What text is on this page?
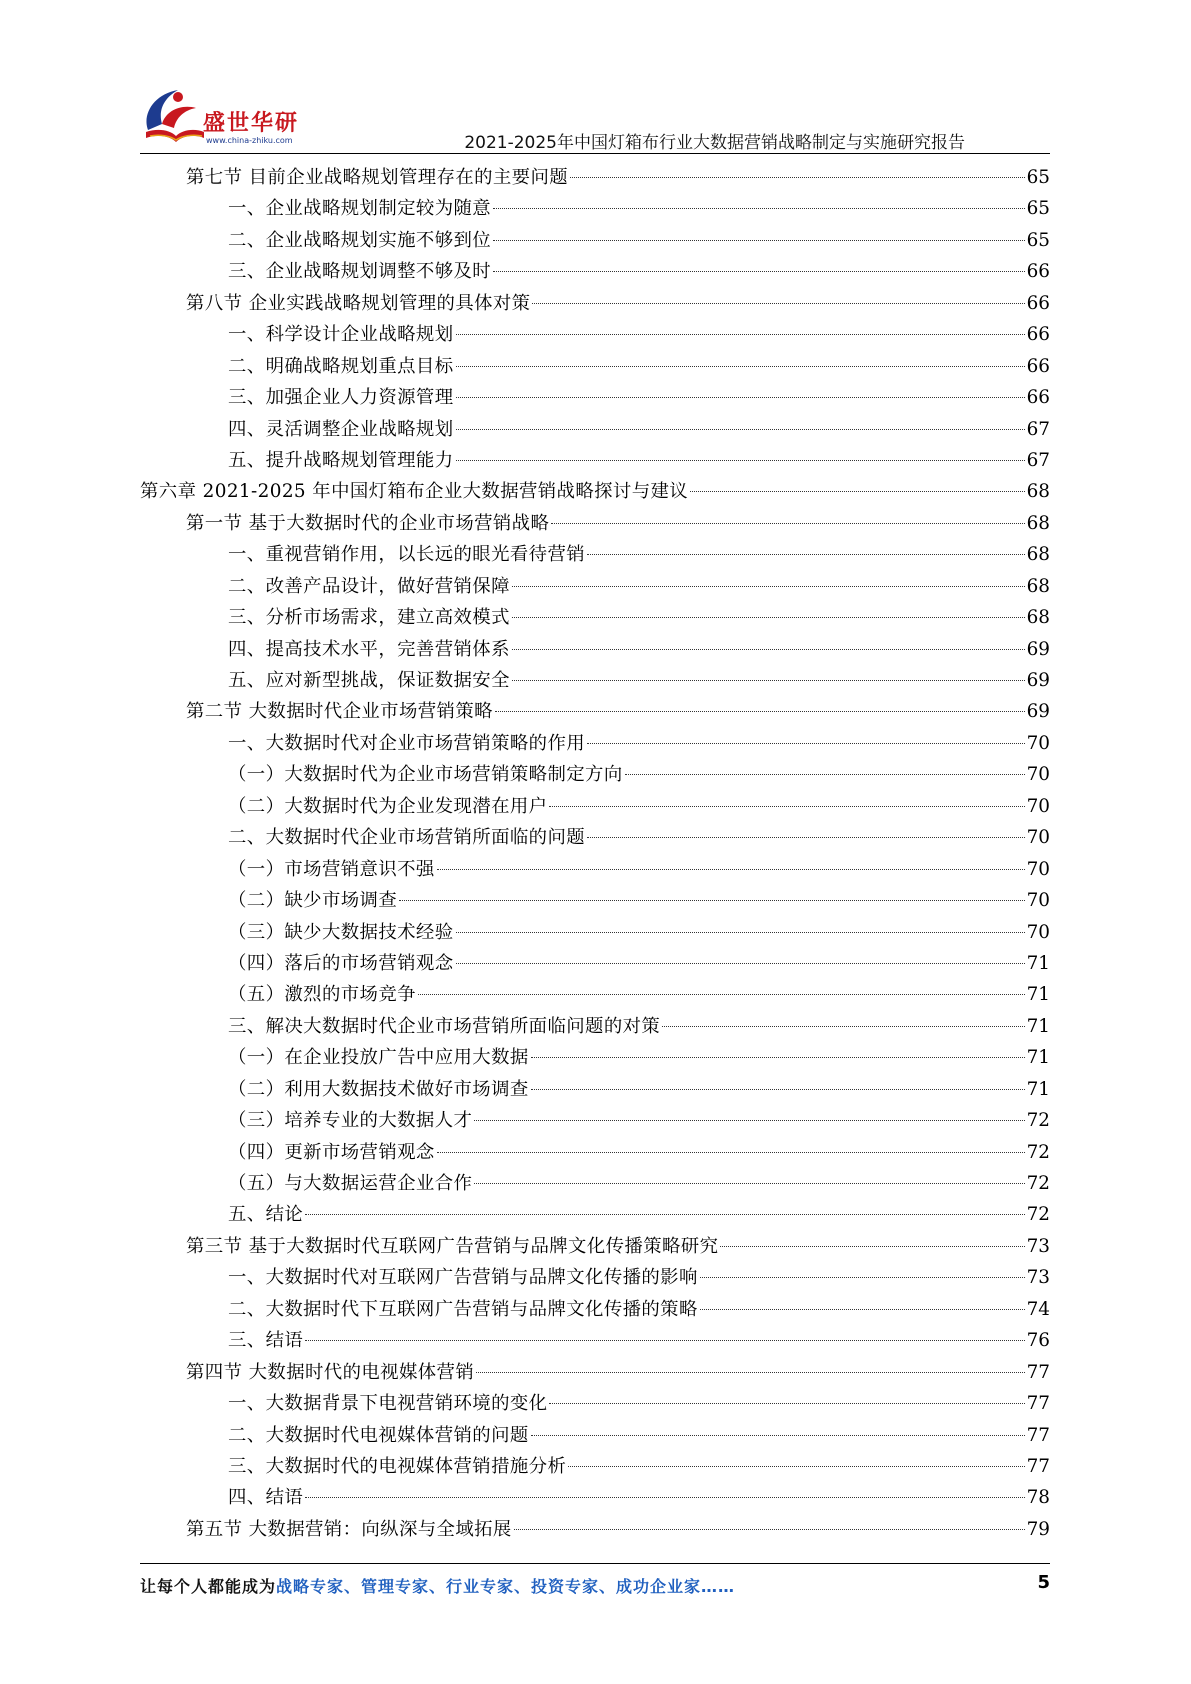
盛世华研
www.china-zhiku.com	2021-2025年中国灯箱布行业大数据营销战略制定与实施研究报告
第七节 目前企业战略规划管理存在的主要问题	65
一、企业战略规划制定较为随意	65
二、企业战略规划实施不够到位	65
三、企业战略规划调整不够及时	66
第八节 企业实践战略规划管理的具体对策	66
一、科学设计企业战略规划	66
二、明确战略规划重点目标	66
三、加强企业人力资源管理	66
四、灵活调整企业战略规划	67
五、提升战略规划管理能力	67
第六章 2021-2025 年中国灯箱布企业大数据营销战略探讨与建议	68
第一节 基于大数据时代的企业市场营销战略	68
一、重视营销作用，以长远的眼光看待营销	68
二、改善产品设计，做好营销保障	68
三、分析市场需求，建立高效模式	68
四、提高技术水平，完善营销体系	69
五、应对新型挑战，保证数据安全	69
第二节 大数据时代企业市场营销策略	69
一、大数据时代对企业市场营销策略的作用	70
（一）大数据时代为企业市场营销策略制定方向	70
（二）大数据时代为企业发现潜在用户	70
二、大数据时代企业市场营销所面临的问题	70
（一）市场营销意识不强	70
（二）缺少市场调查	70
（三）缺少大数据技术经验	70
（四）落后的市场营销观念	71
（五）激烈的市场竞争	71
三、解决大数据时代企业市场营销所面临问题的对策	71
（一）在企业投放广告中应用大数据	71
（二）利用大数据技术做好市场调查	71
（三）培养专业的大数据人才	72
（四）更新市场营销观念	72
（五）与大数据运营企业合作	72
五、结论	72
第三节 基于大数据时代互联网广告营销与品牌文化传播策略研究	73
一、大数据时代对互联网广告营销与品牌文化传播的影响	73
二、大数据时代下互联网广告营销与品牌文化传播的策略	74
三、结语	76
第四节 大数据时代的电视媒体营销	77
一、大数据背景下电视营销环境的变化	77
二、大数据时代电视媒体营销的问题	77
三、大数据时代的电视媒体营销措施分析	77
四、结语	78
第五节 大数据营销：向纵深与全域拓展	79
让每个人都能成为战略专家、管理专家、行业专家、投资专家、成功企业家……	5
